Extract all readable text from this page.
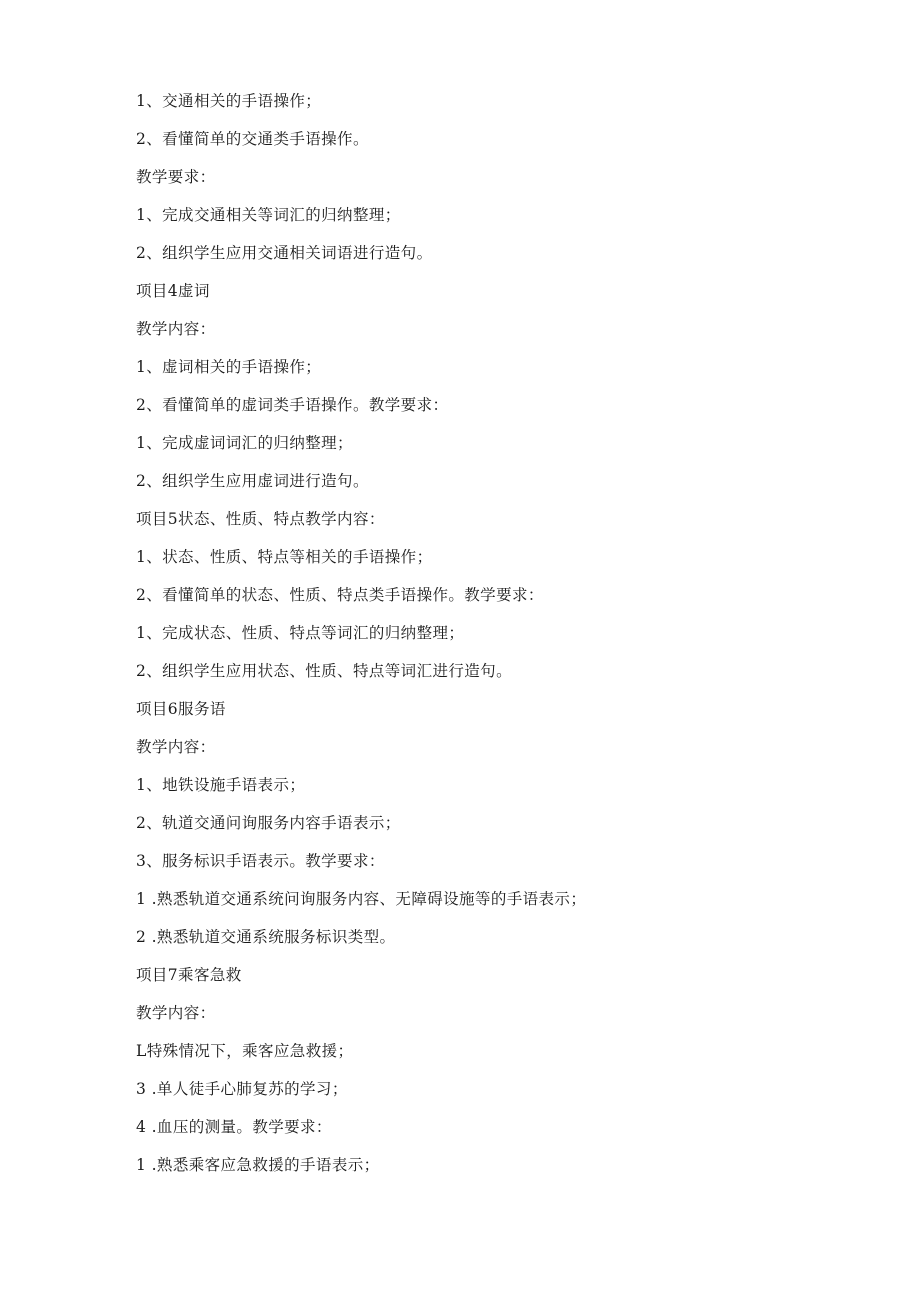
1、交通相关的手语操作；
2、看懂简单的交通类手语操作。
教学要求：
1、完成交通相关等词汇的归纳整理；
2、组织学生应用交通相关词语进行造句。
项目4虚词
教学内容：
1、虚词相关的手语操作；
2、看懂简单的虚词类手语操作。教学要求：
1、完成虚词词汇的归纳整理；
2、组织学生应用虚词进行造句。
项目5状态、性质、特点教学内容：
1、状态、性质、特点等相关的手语操作；
2、看懂简单的状态、性质、特点类手语操作。教学要求：
1、完成状态、性质、特点等词汇的归纳整理；
2、组织学生应用状态、性质、特点等词汇进行造句。
项目6服务语
教学内容：
1、地铁设施手语表示；
2、轨道交通问询服务内容手语表示；
3、服务标识手语表示。教学要求：
1 .熟悉轨道交通系统问询服务内容、无障碍设施等的手语表示；
2 .熟悉轨道交通系统服务标识类型。
项目7乘客急救
教学内容：
L特殊情况下，乘客应急救援；
3 .单人徒手心肺复苏的学习；
4 .血压的测量。教学要求：
1 .熟悉乘客应急救援的手语表示；
